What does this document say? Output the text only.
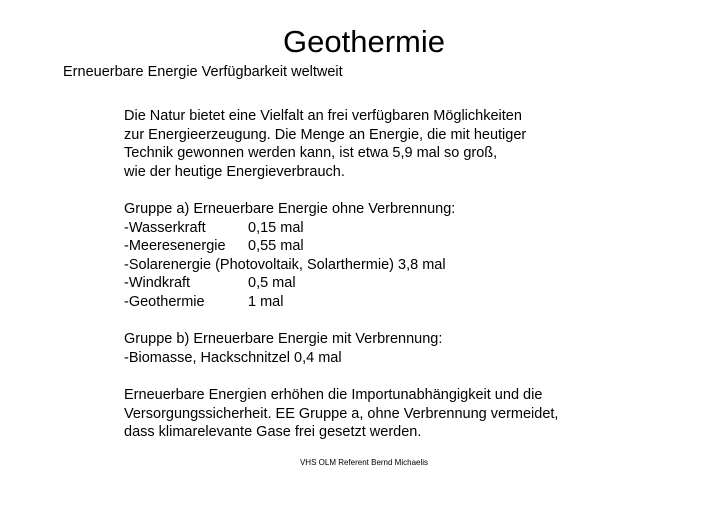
Geothermie
Erneuerbare Energie Verfügbarkeit weltweit
Die Natur bietet eine Vielfalt an frei verfügbaren Möglichkeiten
zur Energieerzeugung. Die Menge an Energie, die mit heutiger
Technik gewonnen werden kann, ist etwa 5,9 mal so groß,
wie der heutige Energieverbrauch.
Gruppe a) Erneuerbare Energie ohne Verbrennung:
-Wasserkraft	0,15 mal
-Meeresenergie	0,55 mal
-Solarenergie (Photovoltaik, Solarthermie) 3,8 mal
-Windkraft	0,5 mal
-Geothermie	1 mal
Gruppe b) Erneuerbare Energie mit Verbrennung:
-Biomasse, Hackschnitzel 0,4 mal
Erneuerbare Energien erhöhen die Importunabhängigkeit und die
Versorgungssicherheit. EE Gruppe a, ohne Verbrennung vermeidet,
dass klimarelevante Gase frei gesetzt werden.
VHS OLM Referent Bernd Michaelis
